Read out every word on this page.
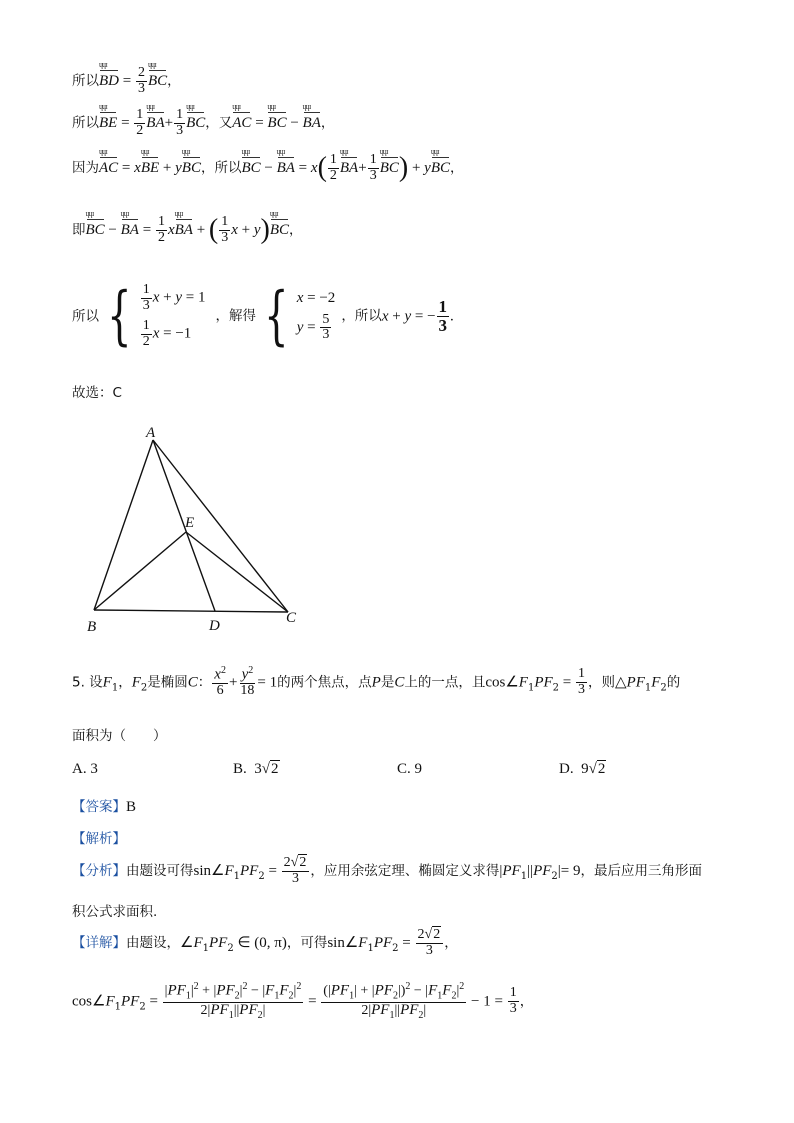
所以BD ɥɥɹ = $\frac{2}{3}$ BC ɥɥɹ，
所以BE ɥɥɹ = $\frac{1}{2}$ BA ɥɥɹ+ $\frac{1}{3}$ BC ɥɥɹ，又AC ɥɥɹ = BC ɥɥɹ − BA ɥɥɹ，
因为AC ɥɥɹ = xBE ɥɥɹ + yBC ɥɥɹ，所以BC ɥɥɹ − BA ɥɥɹ = $x( \frac{1}{2}$ BA ɥɥɹ+ $\frac{1}{3}$ BC ɥɥɹ) + yBC ɥɥɹ，
即BC ɥɥɹ − BA ɥɥɹ = $\frac{1}{2}$ xBA ɥɥɹ + ( $\frac{1}{3}$ x + y)BC ɥɥɹ，
所以 { $\frac{1}{3}$ x + y = 1
$\frac{1}{2}$ x = −1
，解得 { x = −2
$y = \frac{5}{3}$ ，所以x + y = − $\frac{1}{3}$ .
故选：C
A
B
C
D
E
5. 设$F_1$，$F_2$是椭圆C： $\frac{x^2}{6} + \frac{y^2}{18} = 1$的两个焦点，点P是C上的一点，且$\cos\angle F_1PF_2 = \frac{1}{3}$ ，则$\triangle PF_1F_2$的
面积为（　　）
A. 3	B.  3√2	C. 9	D.  9√2
【答案】B
【解析】
【分析】由题设可得$\sin\angle F_1PF_2 = \frac{2√2}{3}$ ，应用余弦定理、椭圆定义求得$|PF_1||PF_2|= 9$，最后应用三角形面
积公式求面积.
【详解】由题设，$\angle F_1PF_2$ ∈ (0, π)，可得$\sin\angle F_1PF_2 = \frac{2√2}{3}$ ，
$\cos\angle F_1PF_2 = \frac{|PF_1|^2 + |PF_2|^2 - |F_1F_2|^2}{2|PF_1||PF_2|} = \frac{(|PF_1| + |PF_2|)^2 - |F_1F_2|^2}{2|PF_1||PF_2|} - 1 = \frac{1}{3}$ ，
